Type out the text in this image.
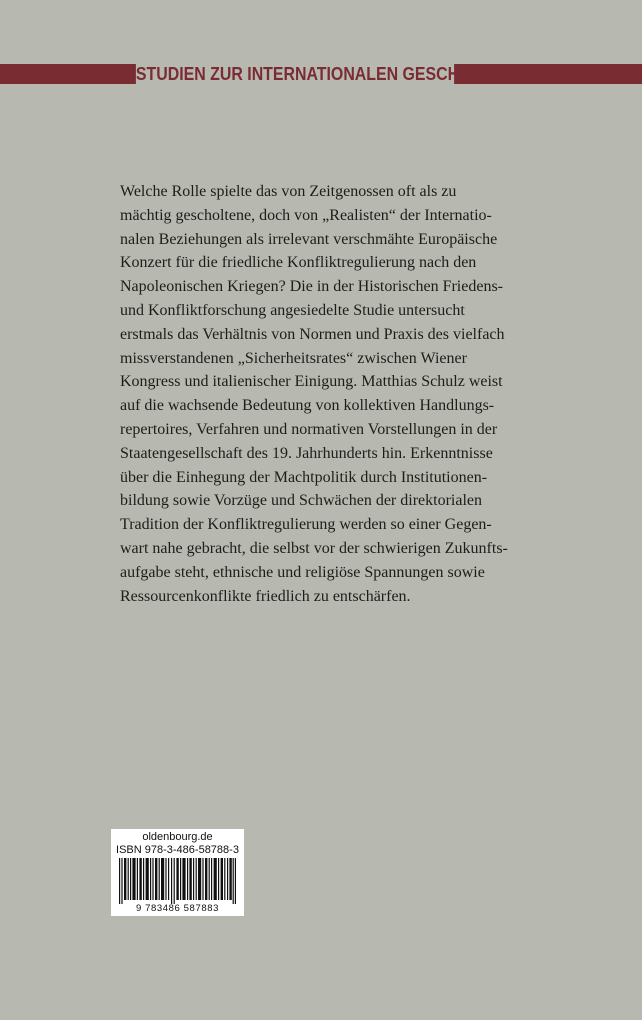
STUDIEN ZUR INTERNATIONALEN GESCHICHTE
Welche Rolle spielte das von Zeitgenossen oft als zu
mächtig gescholtene, doch von „Realisten“ der Internatio-
nalen Beziehungen als irrelevant verschmähte Europäische
Konzert für die friedliche Konfliktregulierung nach den
Napoleonischen Kriegen? Die in der Historischen Friedens-
und Konfliktforschung angesiedelte Studie untersucht
erstmals das Verhältnis von Normen und Praxis des vielfach
missverstandenen „Sicherheitsrates“ zwischen Wiener
Kongress und italienischer Einigung. Matthias Schulz weist
auf die wachsende Bedeutung von kollektiven Handlungs-
repertoires, Verfahren und normativen Vorstellungen in der
Staatengesellschaft des 19. Jahrhunderts hin. Erkenntnisse
über die Einhegung der Machtpolitik durch Institutionen-
bildung sowie Vorzüge und Schwächen der direktorialen
Tradition der Konfliktregulierung werden so einer Gegen-
wart nahe gebracht, die selbst vor der schwierigen Zukunfts-
aufgabe steht, ethnische und religiöse Spannungen sowie
Ressourcenkonflikte friedlich zu entschärfen.
oldenbourg.de
ISBN 978-3-486-58788-3
9 783486 587883
